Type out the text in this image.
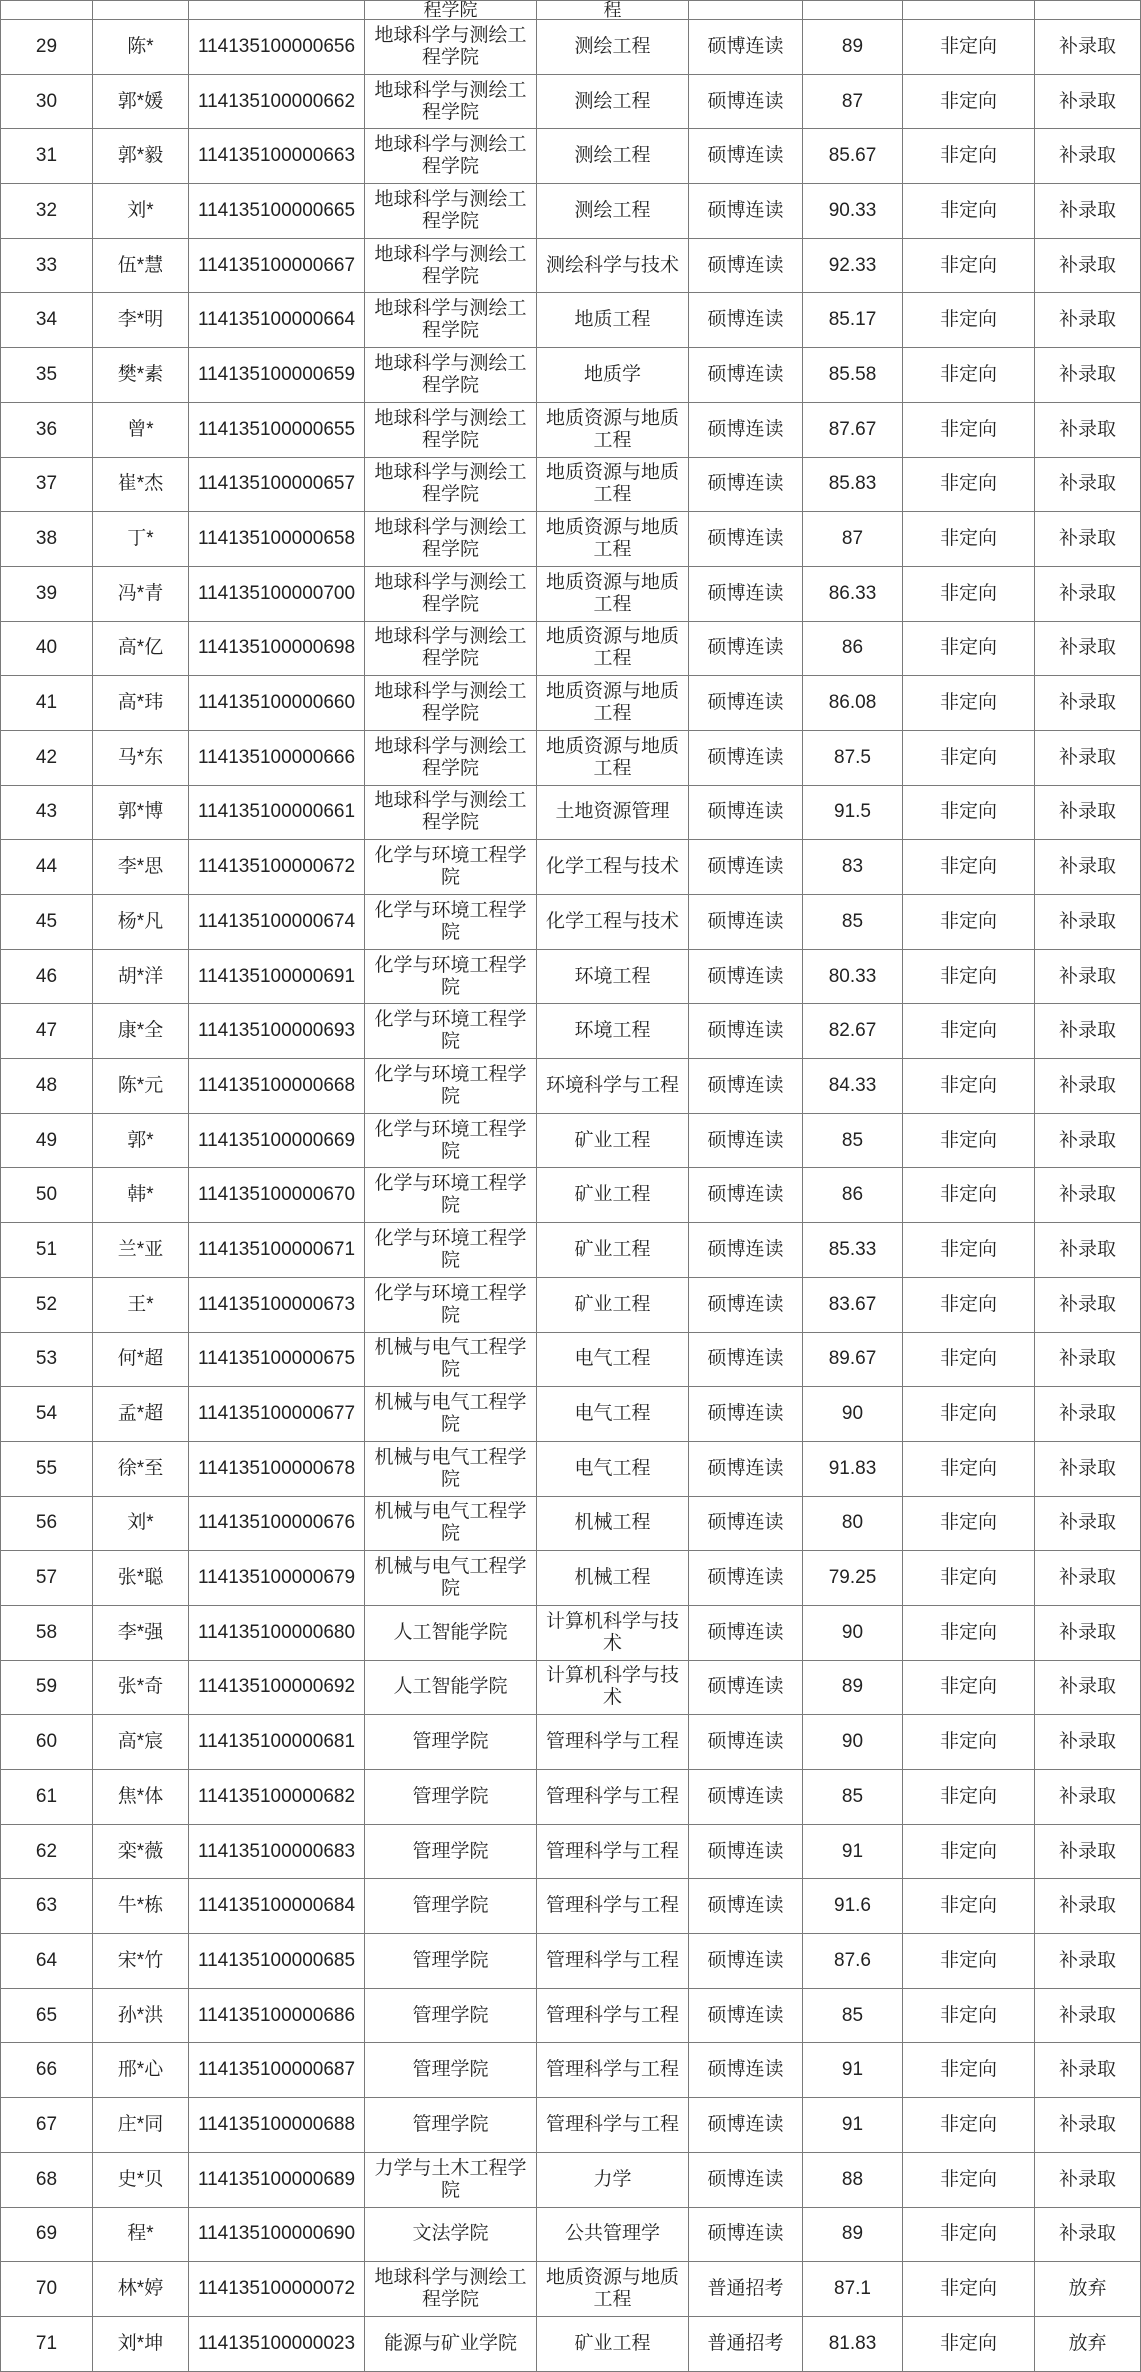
			程学院	程				
29	陈*	114135100000656	地球科学与测绘工程学院	测绘工程	硕博连读	89	非定向	补录取
30	郭*媛	114135100000662	地球科学与测绘工程学院	测绘工程	硕博连读	87	非定向	补录取
31	郭*毅	114135100000663	地球科学与测绘工程学院	测绘工程	硕博连读	85.67	非定向	补录取
32	刘*	114135100000665	地球科学与测绘工程学院	测绘工程	硕博连读	90.33	非定向	补录取
33	伍*慧	114135100000667	地球科学与测绘工程学院	测绘科学与技术	硕博连读	92.33	非定向	补录取
34	李*明	114135100000664	地球科学与测绘工程学院	地质工程	硕博连读	85.17	非定向	补录取
35	樊*素	114135100000659	地球科学与测绘工程学院	地质学	硕博连读	85.58	非定向	补录取
36	曾*	114135100000655	地球科学与测绘工程学院	地质资源与地质工程	硕博连读	87.67	非定向	补录取
37	崔*杰	114135100000657	地球科学与测绘工程学院	地质资源与地质工程	硕博连读	85.83	非定向	补录取
38	丁*	114135100000658	地球科学与测绘工程学院	地质资源与地质工程	硕博连读	87	非定向	补录取
39	冯*青	114135100000700	地球科学与测绘工程学院	地质资源与地质工程	硕博连读	86.33	非定向	补录取
40	高*亿	114135100000698	地球科学与测绘工程学院	地质资源与地质工程	硕博连读	86	非定向	补录取
41	高*玮	114135100000660	地球科学与测绘工程学院	地质资源与地质工程	硕博连读	86.08	非定向	补录取
42	马*东	114135100000666	地球科学与测绘工程学院	地质资源与地质工程	硕博连读	87.5	非定向	补录取
43	郭*博	114135100000661	地球科学与测绘工程学院	土地资源管理	硕博连读	91.5	非定向	补录取
44	李*思	114135100000672	化学与环境工程学院	化学工程与技术	硕博连读	83	非定向	补录取
45	杨*凡	114135100000674	化学与环境工程学院	化学工程与技术	硕博连读	85	非定向	补录取
46	胡*洋	114135100000691	化学与环境工程学院	环境工程	硕博连读	80.33	非定向	补录取
47	康*全	114135100000693	化学与环境工程学院	环境工程	硕博连读	82.67	非定向	补录取
48	陈*元	114135100000668	化学与环境工程学院	环境科学与工程	硕博连读	84.33	非定向	补录取
49	郭*	114135100000669	化学与环境工程学院	矿业工程	硕博连读	85	非定向	补录取
50	韩*	114135100000670	化学与环境工程学院	矿业工程	硕博连读	86	非定向	补录取
51	兰*亚	114135100000671	化学与环境工程学院	矿业工程	硕博连读	85.33	非定向	补录取
52	王*	114135100000673	化学与环境工程学院	矿业工程	硕博连读	83.67	非定向	补录取
53	何*超	114135100000675	机械与电气工程学院	电气工程	硕博连读	89.67	非定向	补录取
54	孟*超	114135100000677	机械与电气工程学院	电气工程	硕博连读	90	非定向	补录取
55	徐*至	114135100000678	机械与电气工程学院	电气工程	硕博连读	91.83	非定向	补录取
56	刘*	114135100000676	机械与电气工程学院	机械工程	硕博连读	80	非定向	补录取
57	张*聪	114135100000679	机械与电气工程学院	机械工程	硕博连读	79.25	非定向	补录取
58	李*强	114135100000680	人工智能学院	计算机科学与技术	硕博连读	90	非定向	补录取
59	张*奇	114135100000692	人工智能学院	计算机科学与技术	硕博连读	89	非定向	补录取
60	高*宸	114135100000681	管理学院	管理科学与工程	硕博连读	90	非定向	补录取
61	焦*体	114135100000682	管理学院	管理科学与工程	硕博连读	85	非定向	补录取
62	栾*薇	114135100000683	管理学院	管理科学与工程	硕博连读	91	非定向	补录取
63	牛*栋	114135100000684	管理学院	管理科学与工程	硕博连读	91.6	非定向	补录取
64	宋*竹	114135100000685	管理学院	管理科学与工程	硕博连读	87.6	非定向	补录取
65	孙*洪	114135100000686	管理学院	管理科学与工程	硕博连读	85	非定向	补录取
66	邢*心	114135100000687	管理学院	管理科学与工程	硕博连读	91	非定向	补录取
67	庄*同	114135100000688	管理学院	管理科学与工程	硕博连读	91	非定向	补录取
68	史*贝	114135100000689	力学与土木工程学院	力学	硕博连读	88	非定向	补录取
69	程*	114135100000690	文法学院	公共管理学	硕博连读	89	非定向	补录取
70	林*婷	114135100000072	地球科学与测绘工程学院	地质资源与地质工程	普通招考	87.1	非定向	放弃
71	刘*坤	114135100000023	能源与矿业学院	矿业工程	普通招考	81.83	非定向	放弃
